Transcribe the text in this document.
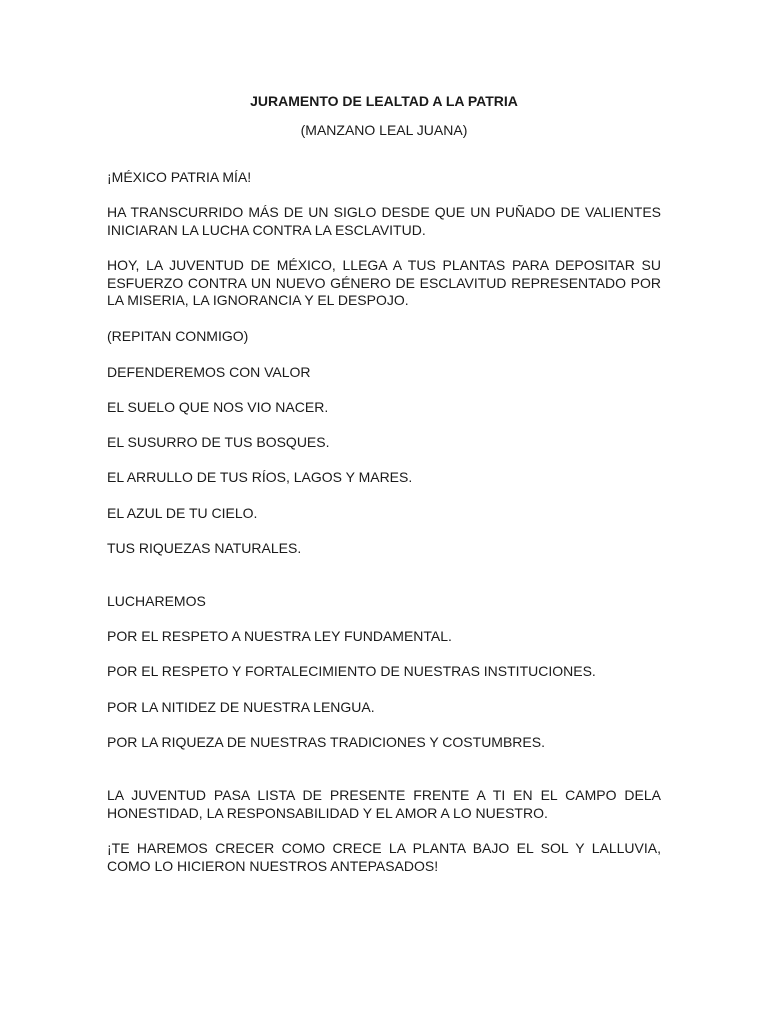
JURAMENTO DE LEALTAD A LA PATRIA
(MANZANO LEAL JUANA)

¡MÉXICO PATRIA MÍA!

HA TRANSCURRIDO MÁS DE UN SIGLO DESDE QUE UN PUÑADO DE VALIENTES INICIARAN LA LUCHA CONTRA LA ESCLAVITUD.

HOY, LA JUVENTUD DE MÉXICO, LLEGA A TUS PLANTAS PARA DEPOSITAR SU ESFUERZO CONTRA UN NUEVO GÉNERO DE ESCLAVITUD REPRESENTADO POR LA MISERIA, LA IGNORANCIA Y EL DESPOJO.

(REPITAN CONMIGO)

DEFENDEREMOS CON VALOR

EL SUELO QUE NOS VIO NACER.

EL SUSURRO DE TUS BOSQUES.

EL ARRULLO DE TUS RÍOS, LAGOS Y MARES.

EL AZUL DE TU CIELO.

TUS RIQUEZAS NATURALES.

LUCHAREMOS

POR EL RESPETO A NUESTRA LEY FUNDAMENTAL.

POR EL RESPETO Y FORTALECIMIENTO DE NUESTRAS INSTITUCIONES.

POR LA NITIDEZ DE NUESTRA LENGUA.

POR LA RIQUEZA DE NUESTRAS TRADICIONES Y COSTUMBRES.

LA JUVENTUD PASA LISTA DE PRESENTE FRENTE A TI EN EL CAMPO DELA HONESTIDAD, LA RESPONSABILIDAD Y EL AMOR A LO NUESTRO.

¡TE HAREMOS CRECER COMO CRECE LA PLANTA BAJO EL SOL Y LALLUVIA, COMO LO HICIERON NUESTROS ANTEPASADOS!
